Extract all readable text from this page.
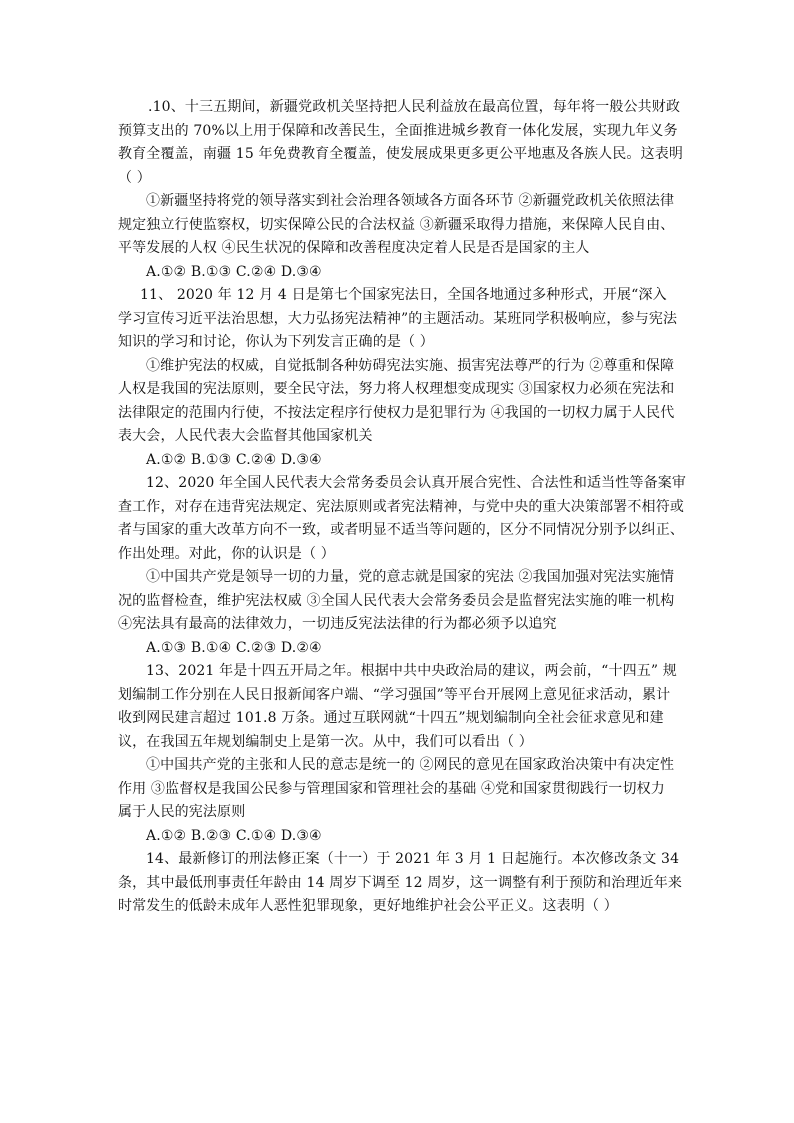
.10、十三五期间，新疆党政机关坚持把人民利益放在最高位置，每年将一般公共财政
预算支出的 70%以上用于保障和改善民生，全面推进城乡教育一体化发展，实现九年义务
教育全覆盖，南疆 15 年免费教育全覆盖，使发展成果更多更公平地惠及各族人民。这表明
（ ）
①新疆坚持将党的领导落实到社会治理各领域各方面各环节 ②新疆党政机关依照法律
规定独立行使监察权，切实保障公民的合法权益 ③新疆采取得力措施，来保障人民自由、
平等发展的人权 ④民生状况的保障和改善程度决定着人民是否是国家的主人
A.①② B.①③ C.②④ D.③④
11、 2020 年 12 月 4 日是第七个国家宪法日，全国各地通过多种形式，开展“深入
学习宣传习近平法治思想，大力弘扬宪法精神”的主题活动。某班同学积极响应，参与宪法
知识的学习和讨论，你认为下列发言正确的是（ ）
①维护宪法的权威，自觉抵制各种妨碍宪法实施、损害宪法尊严的行为 ②尊重和保障
人权是我国的宪法原则，要全民守法，努力将人权理想变成现实 ③国家权力必须在宪法和
法律限定的范围内行使，不按法定程序行使权力是犯罪行为 ④我国的一切权力属于人民代
表大会，人民代表大会监督其他国家机关
A.①② B.①③ C.②④ D.③④
12、2020 年全国人民代表大会常务委员会认真开展合宪性、合法性和适当性等备案审
查工作，对存在违背宪法规定、宪法原则或者宪法精神，与党中央的重大决策部署不相符或
者与国家的重大改革方向不一致，或者明显不适当等问题的，区分不同情况分别予以纠正、
作出处理。对此，你的认识是（ ）
①中国共产党是领导一切的力量，党的意志就是国家的宪法 ②我国加强对宪法实施情
况的监督检查，维护宪法权威 ③全国人民代表大会常务委员会是监督宪法实施的唯一机构
④宪法具有最高的法律效力，一切违反宪法法律的行为都必须予以追究
A.①③ B.①④ C.②③ D.②④
13、2021 年是十四五开局之年。根据中共中央政治局的建议，两会前，“十四五” 规
划编制工作分别在人民日报新闻客户端、“学习强国”等平台开展网上意见征求活动，累计
收到网民建言超过 101.8 万条。通过互联网就“十四五”规划编制向全社会征求意见和建
议，在我国五年规划编制史上是第一次。从中，我们可以看出（ ）
①中国共产党的主张和人民的意志是统一的 ②网民的意见在国家政治决策中有决定性
作用 ③监督权是我国公民参与管理国家和管理社会的基础 ④党和国家贯彻践行一切权力
属于人民的宪法原则
A.①② B.②③ C.①④ D.③④
14、最新修订的刑法修正案（十一）于 2021 年 3 月 1 日起施行。本次修改条文 34
条，其中最低刑事责任年龄由 14 周岁下调至 12 周岁，这一调整有利于预防和治理近年来
时常发生的低龄未成年人恶性犯罪现象，更好地维护社会公平正义。这表明（ ）
